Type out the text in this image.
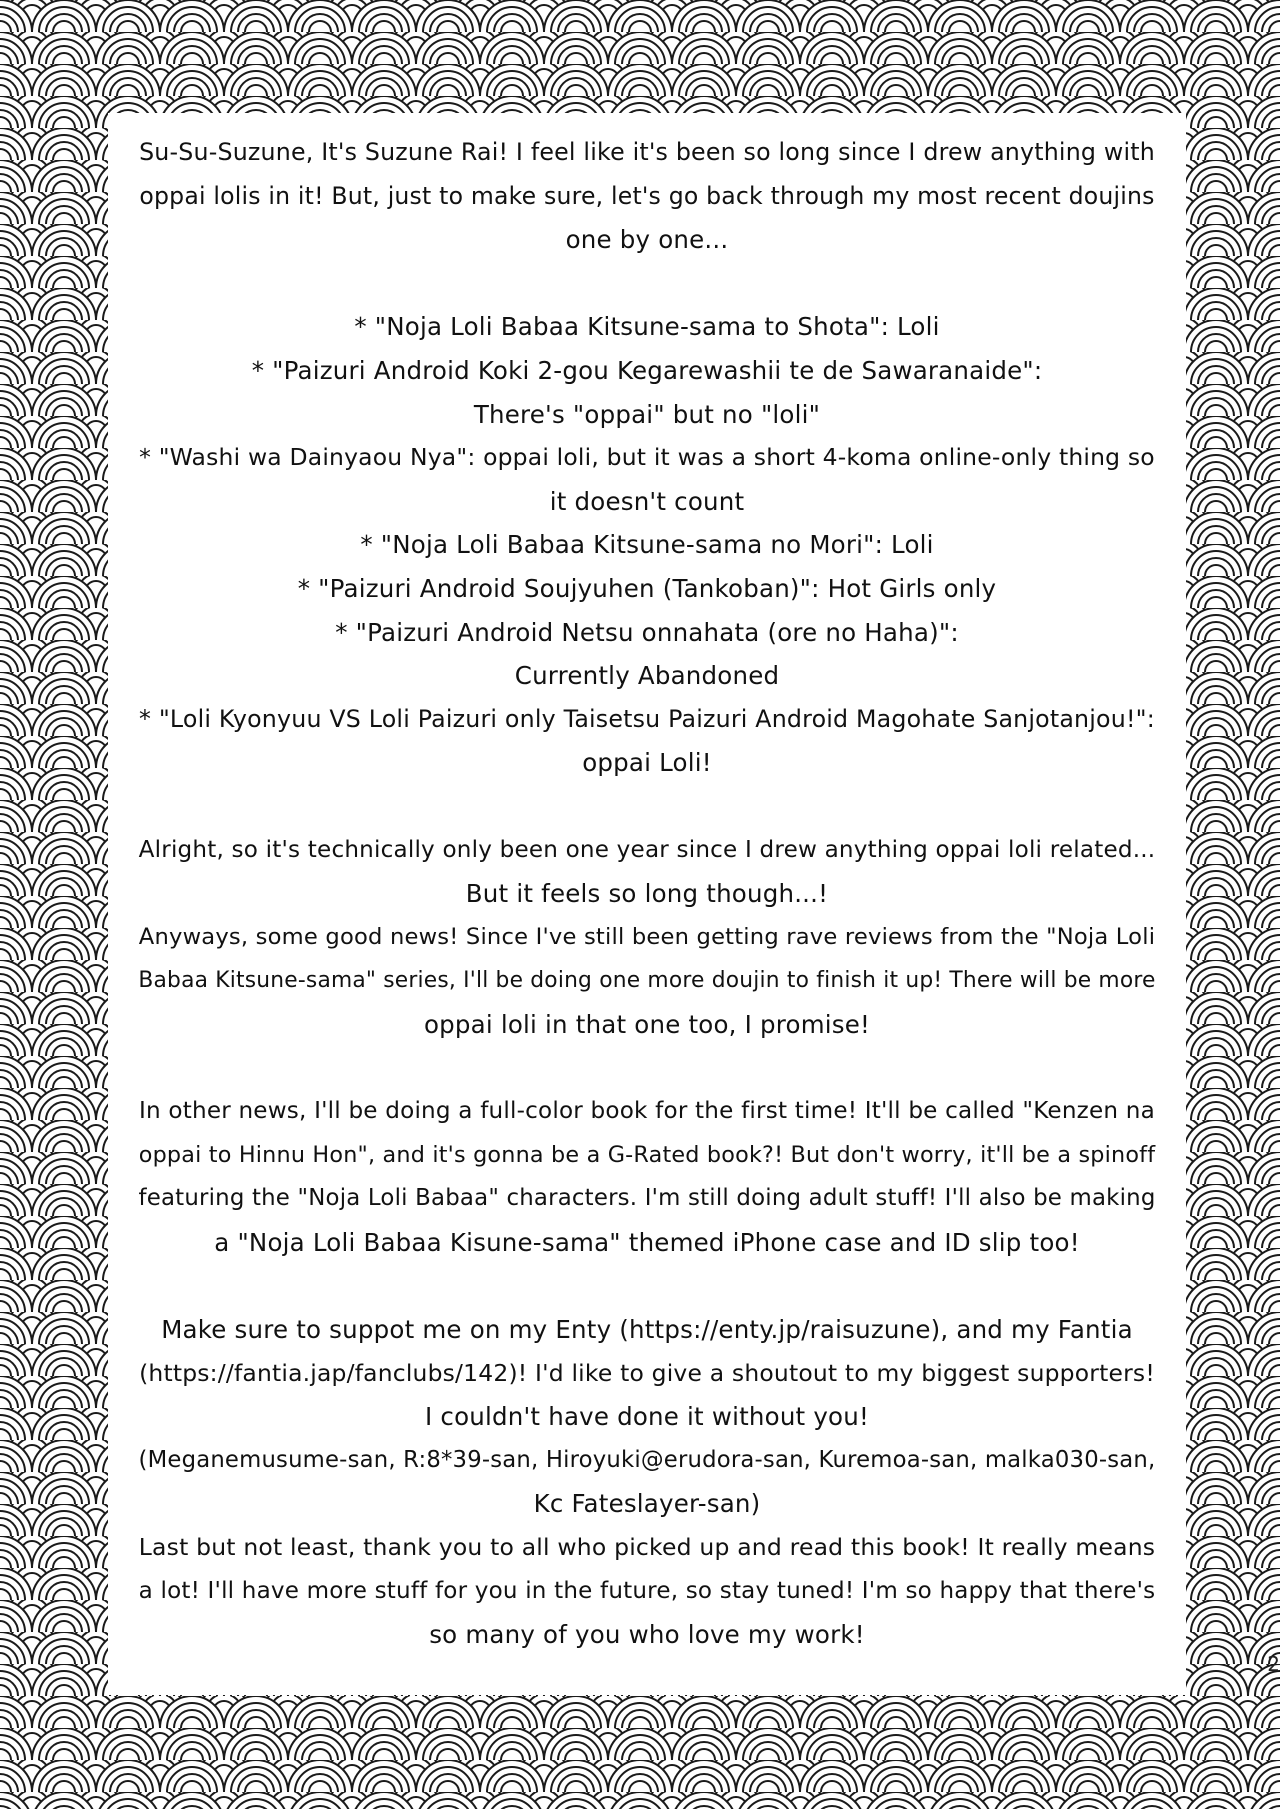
Su-Su-Suzune, It's Suzune Rai! I feel like it's been so long since I drew anything with
oppai lolis in it! But, just to make sure, let's go back through my most recent doujins
one by one...
* "Noja Loli Babaa Kitsune-sama to Shota": Loli
* "Paizuri Android Koki 2-gou Kegarewashii te de Sawaranaide":
There's "oppai" but no "loli"
* "Washi wa Dainyaou Nya": oppai loli, but it was a short 4-koma online-only thing so
it doesn't count
* "Noja Loli Babaa Kitsune-sama no Mori": Loli
* "Paizuri Android Soujyuhen (Tankoban)": Hot Girls only
* "Paizuri Android Netsu onnahata (ore no Haha)":
Currently Abandoned
* "Loli Kyonyuu VS Loli Paizuri only Taisetsu Paizuri Android Magohate Sanjotanjou!":
oppai Loli!
Alright, so it's technically only been one year since I drew anything oppai loli related...
But it feels so long though...!
Anyways, some good news! Since I've still been getting rave reviews from the "Noja Loli
Babaa Kitsune-sama" series, I'll be doing one more doujin to finish it up! There will be more
oppai loli in that one too, I promise!
In other news, I'll be doing a full-color book for the first time! It'll be called "Kenzen na
oppai to Hinnu Hon", and it's gonna be a G-Rated book?! But don't worry, it'll be a spinoff
featuring the "Noja Loli Babaa" characters. I'm still doing adult stuff! I'll also be making
a "Noja Loli Babaa Kisune-sama" themed iPhone case and ID slip too!
Make sure to suppot me on my Enty (https://enty.jp/raisuzune), and my Fantia
(https://fantia.jap/fanclubs/142)! I'd like to give a shoutout to my biggest supporters!
I couldn't have done it without you!
(Meganemusume-san, R:8*39-san, Hiroyuki@erudora-san, Kuremoa-san, malka030-san,
Kc Fateslayer-san)
Last but not least, thank you to all who picked up and read this book! It really means
a lot! I'll have more stuff for you in the future, so stay tuned! I'm so happy that there's
so many of you who love my work!
2
